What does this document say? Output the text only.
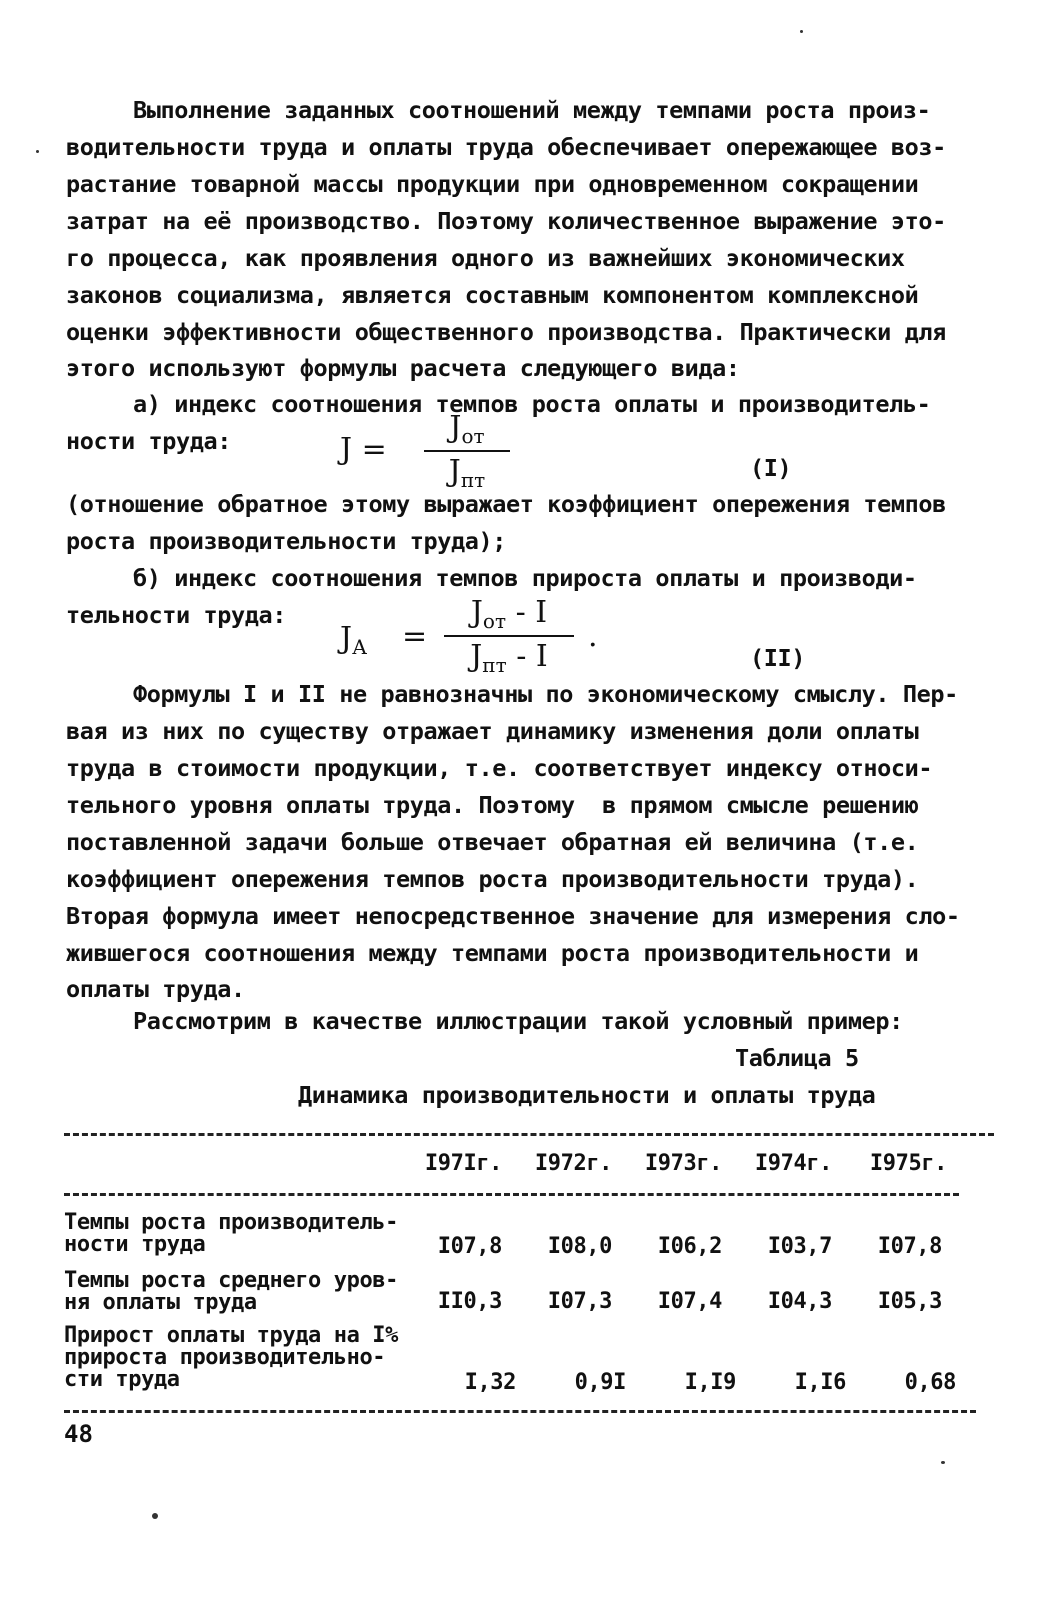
Выполнение заданных соотношений между темпами роста произ-
водительности труда и оплаты труда обеспечивает опережающее воз-
растание товарной массы продукции при одновременном сокращении
затрат на её производство. Поэтому количественное выражение это-
го процесса, как проявления одного из важнейших экономических
законов социализма, является составным компонентом комплексной
оценки эффективности общественного производства. Практически для
этого используют формулы расчета следующего вида:
а) индекс соотношения темпов роста оплаты и производитель-
ности труда:	J =
$J_{от}$
$J_{пт}$	(I)
(отношение обратное этому выражает коэффициент опережения темпов
роста производительности труда);
б) индекс соотношения темпов прироста оплаты и производи-
тельности труда:
$J_А$ =
$J_{от}$ - I
$J_{пт}$ - I
.
(II)
Формулы I и II не равнозначны по экономическому смыслу. Пер-
вая из них по существу отражает динамику изменения доли оплаты
труда в стоимости продукции, т.е. соответствует индексу относи-
тельного уровня оплаты труда. Поэтому  в прямом смысле решению
поставленной задачи больше отвечает обратная ей величина (т.е.
коэффициент опережения темпов роста производительности труда).
Вторая формула имеет непосредственное значение для измерения сло-
жившегося соотношения между темпами роста производительности и
оплаты труда.
Рассмотрим в качестве иллюстрации такой условный пример:
Таблица 5
Динамика производительности и оплаты труда
I97Iг. I972г. I973г. I974г. I975г.
Темпы роста производитель-
ности труда	I07,8	I08,0	I06,2	I03,7	I07,8
Темпы роста среднего уров-
ня оплаты труда	II0,3	I07,3	I07,4	I04,3	I05,3
Прирост оплаты труда на I%
прироста производительно-
сти труда	I,32	0,9I	I,I9	I,I6	0,68
48
